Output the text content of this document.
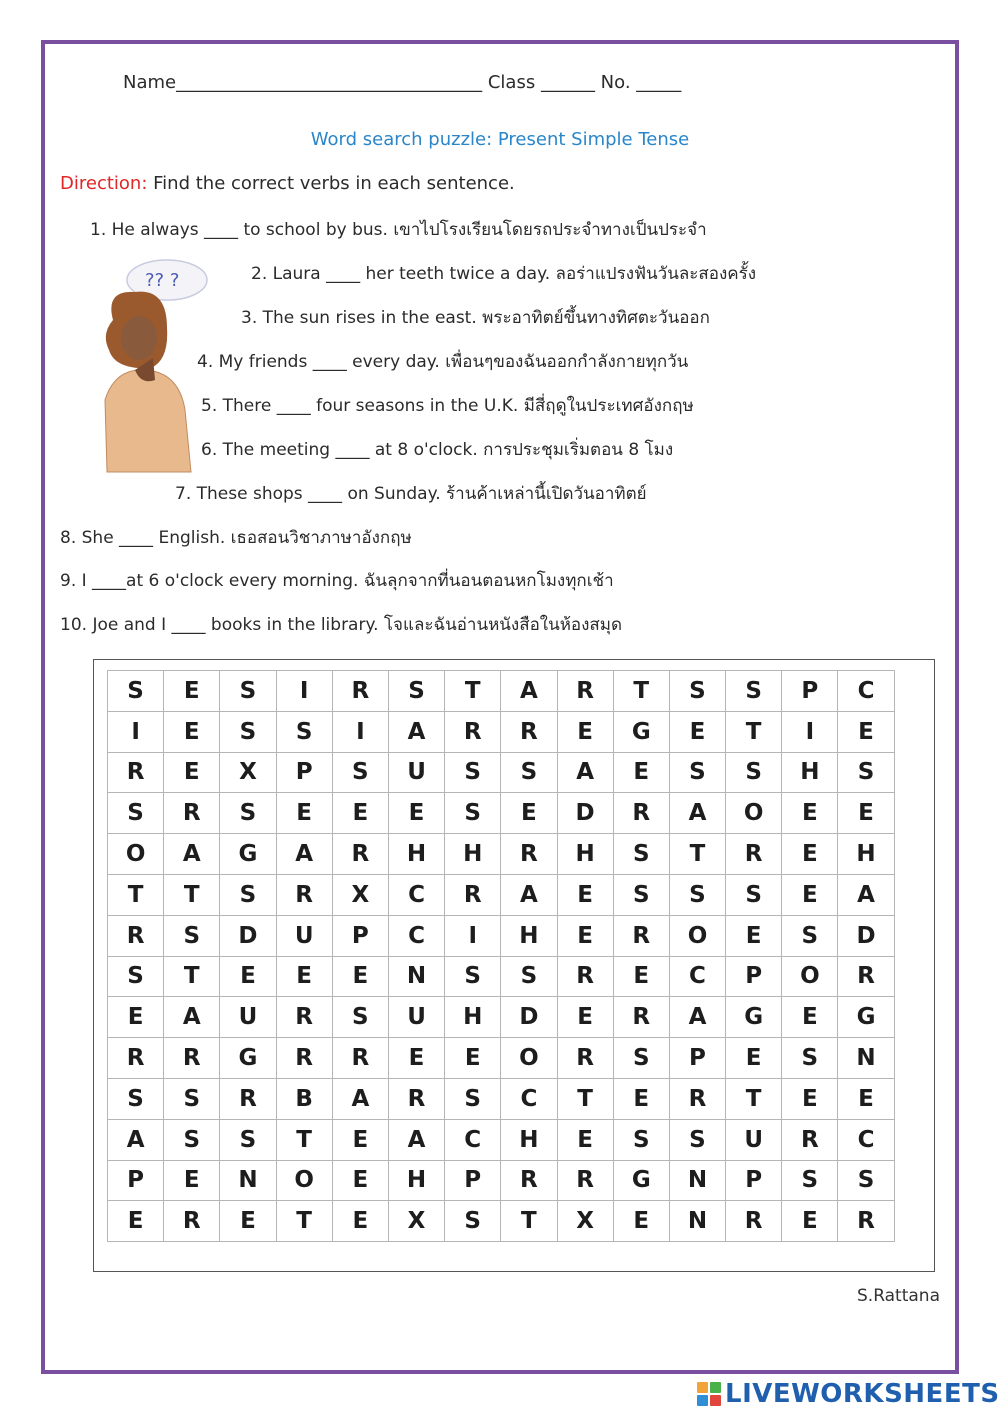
Name__________________________________ Class ______ No. _____
Word search puzzle: Present Simple Tense
Direction: Find the correct verbs in each sentence.
?? ?
1. He always ____ to school by bus. เขาไปโรงเรียนโดยรถประจำทางเป็นประจำ
2. Laura ____ her teeth twice a day. ลอร่าแปรงฟันวันละสองครั้ง
3. The sun rises in the east. พระอาทิตย์ขึ้นทางทิศตะวันออก
4. My friends ____ every day. เพื่อนๆของฉันออกกำลังกายทุกวัน
5. There ____ four seasons in the U.K. มีสี่ฤดูในประเทศอังกฤษ
6. The meeting ____ at 8 o'clock. การประชุมเริ่มตอน 8 โมง
7. These shops ____ on Sunday. ร้านค้าเหล่านี้เปิดวันอาทิตย์
8. She ____ English. เธอสอนวิชาภาษาอังกฤษ
9. I ____at 6 o'clock every morning. ฉันลุกจากที่นอนตอนหกโมงทุกเช้า
10. Joe and I ____ books in the library. โจและฉันอ่านหนังสือในห้องสมุด
S	E	S	I	R	S	T	A	R	T	S	S	P	C
I	E	S	S	I	A	R	R	E	G	E	T	I	E
R	E	X	P	S	U	S	S	A	E	S	S	H	S
S	R	S	E	E	E	S	E	D	R	A	O	E	E
O	A	G	A	R	H	H	R	H	S	T	R	E	H
T	T	S	R	X	C	R	A	E	S	S	S	E	A
R	S	D	U	P	C	I	H	E	R	O	E	S	D
S	T	E	E	E	N	S	S	R	E	C	P	O	R
E	A	U	R	S	U	H	D	E	R	A	G	E	G
R	R	G	R	R	E	E	O	R	S	P	E	S	N
S	S	R	B	A	R	S	C	T	E	R	T	E	E
A	S	S	T	E	A	C	H	E	S	S	U	R	C
P	E	N	O	E	H	P	R	R	G	N	P	S	S
E	R	E	T	E	X	S	T	X	E	N	R	E	R
S.Rattana
LIVEWORKSHEETS
